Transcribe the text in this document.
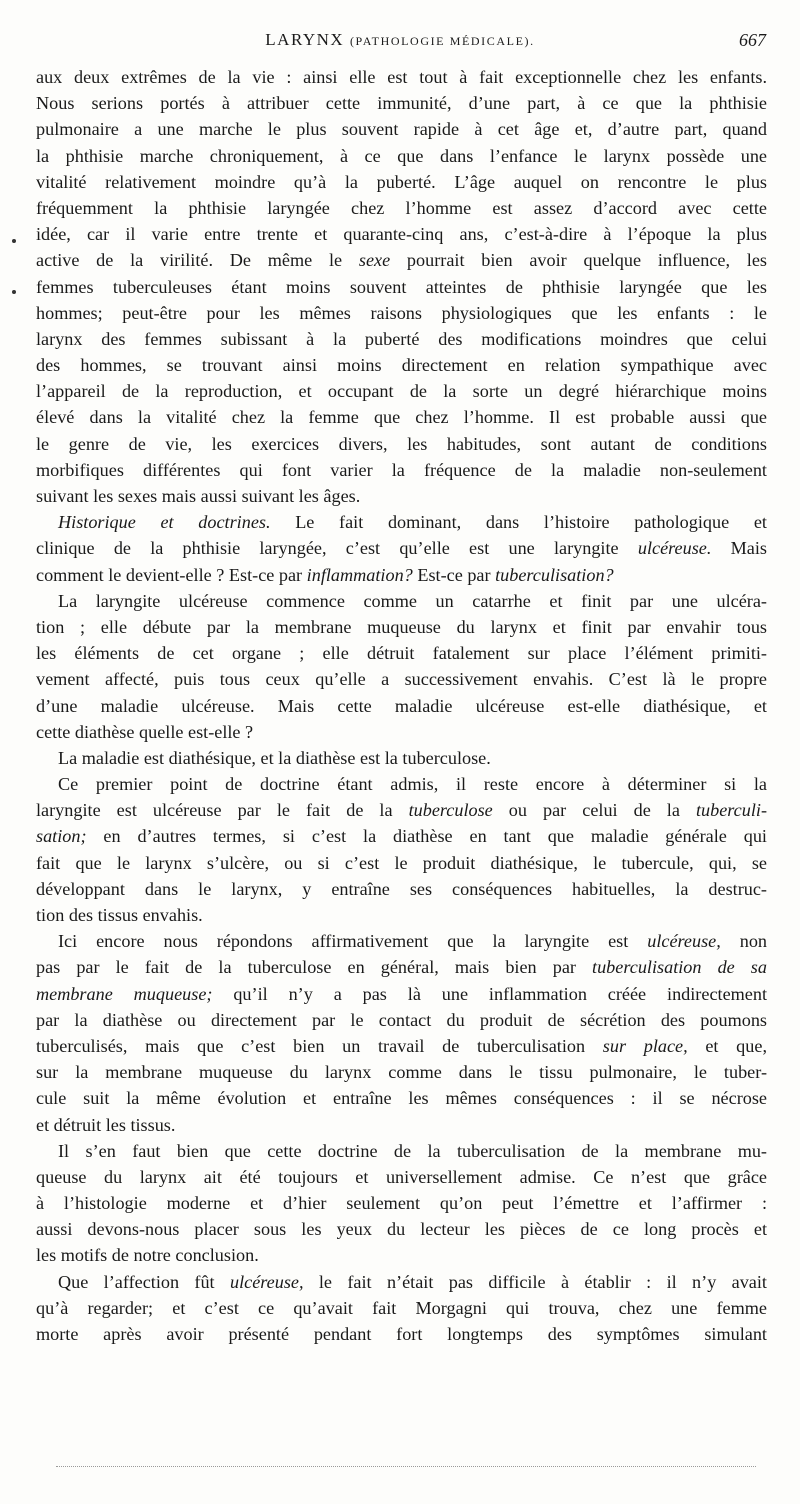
LARYNX (PATHOLOGIE MÉDICALE).	667
aux deux extrêmes de la vie : ainsi elle est tout à fait exceptionnelle chez les enfants.
Nous serions portés à attribuer cette immunité, d’une part, à ce que la phthisie
pulmonaire a une marche le plus souvent rapide à cet âge et, d’autre part, quand
la phthisie marche chroniquement, à ce que dans l’enfance le larynx possède une
vitalité relativement moindre qu’à la puberté. L’âge auquel on rencontre le plus
fréquemment la phthisie laryngée chez l’homme est assez d’accord avec cette
idée, car il varie entre trente et quarante-cinq ans, c’est-à-dire à l’époque la plus
active de la virilité. De même le sexe pourrait bien avoir quelque influence, les
femmes tuberculeuses étant moins souvent atteintes de phthisie laryngée que les
hommes; peut-être pour les mêmes raisons physiologiques que les enfants : le
larynx des femmes subissant à la puberté des modifications moindres que celui
des hommes, se trouvant ainsi moins directement en relation sympathique avec
l’appareil de la reproduction, et occupant de la sorte un degré hiérarchique moins
élevé dans la vitalité chez la femme que chez l’homme. Il est probable aussi que
le genre de vie, les exercices divers, les habitudes, sont autant de conditions
morbifiques différentes qui font varier la fréquence de la maladie non-seulement
suivant les sexes mais aussi suivant les âges.
Historique et doctrines. Le fait dominant, dans l’histoire pathologique et
clinique de la phthisie laryngée, c’est qu’elle est une laryngite ulcéreuse. Mais
comment le devient-elle ? Est-ce par inflammation? Est-ce par tuberculisation?
La laryngite ulcéreuse commence comme un catarrhe et finit par une ulcéra-
tion ; elle débute par la membrane muqueuse du larynx et finit par envahir tous
les éléments de cet organe ; elle détruit fatalement sur place l’élément primiti-
vement affecté, puis tous ceux qu’elle a successivement envahis. C’est là le propre
d’une maladie ulcéreuse. Mais cette maladie ulcéreuse est-elle diathésique, et
cette diathèse quelle est-elle ?
La maladie est diathésique, et la diathèse est la tuberculose.
Ce premier point de doctrine étant admis, il reste encore à déterminer si la
laryngite est ulcéreuse par le fait de la tuberculose ou par celui de la tuberculi-
sation; en d’autres termes, si c’est la diathèse en tant que maladie générale qui
fait que le larynx s’ulcère, ou si c’est le produit diathésique, le tubercule, qui, se
développant dans le larynx, y entraîne ses conséquences habituelles, la destruc-
tion des tissus envahis.
Ici encore nous répondons affirmativement que la laryngite est ulcéreuse, non
pas par le fait de la tuberculose en général, mais bien par tuberculisation de sa
membrane muqueuse; qu’il n’y a pas là une inflammation créée indirectement
par la diathèse ou directement par le contact du produit de sécrétion des poumons
tuberculisés, mais que c’est bien un travail de tuberculisation sur place, et que,
sur la membrane muqueuse du larynx comme dans le tissu pulmonaire, le tuber-
cule suit la même évolution et entraîne les mêmes conséquences : il se nécrose
et détruit les tissus.
Il s’en faut bien que cette doctrine de la tuberculisation de la membrane mu-
queuse du larynx ait été toujours et universellement admise. Ce n’est que grâce
à l’histologie moderne et d’hier seulement qu’on peut l’émettre et l’affirmer :
aussi devons-nous placer sous les yeux du lecteur les pièces de ce long procès et
les motifs de notre conclusion.
Que l’affection fût ulcéreuse, le fait n’était pas difficile à établir : il n’y avait
qu’à regarder; et c’est ce qu’avait fait Morgagni qui trouva, chez une femme
morte après avoir présenté pendant fort longtemps des symptômes simulant
